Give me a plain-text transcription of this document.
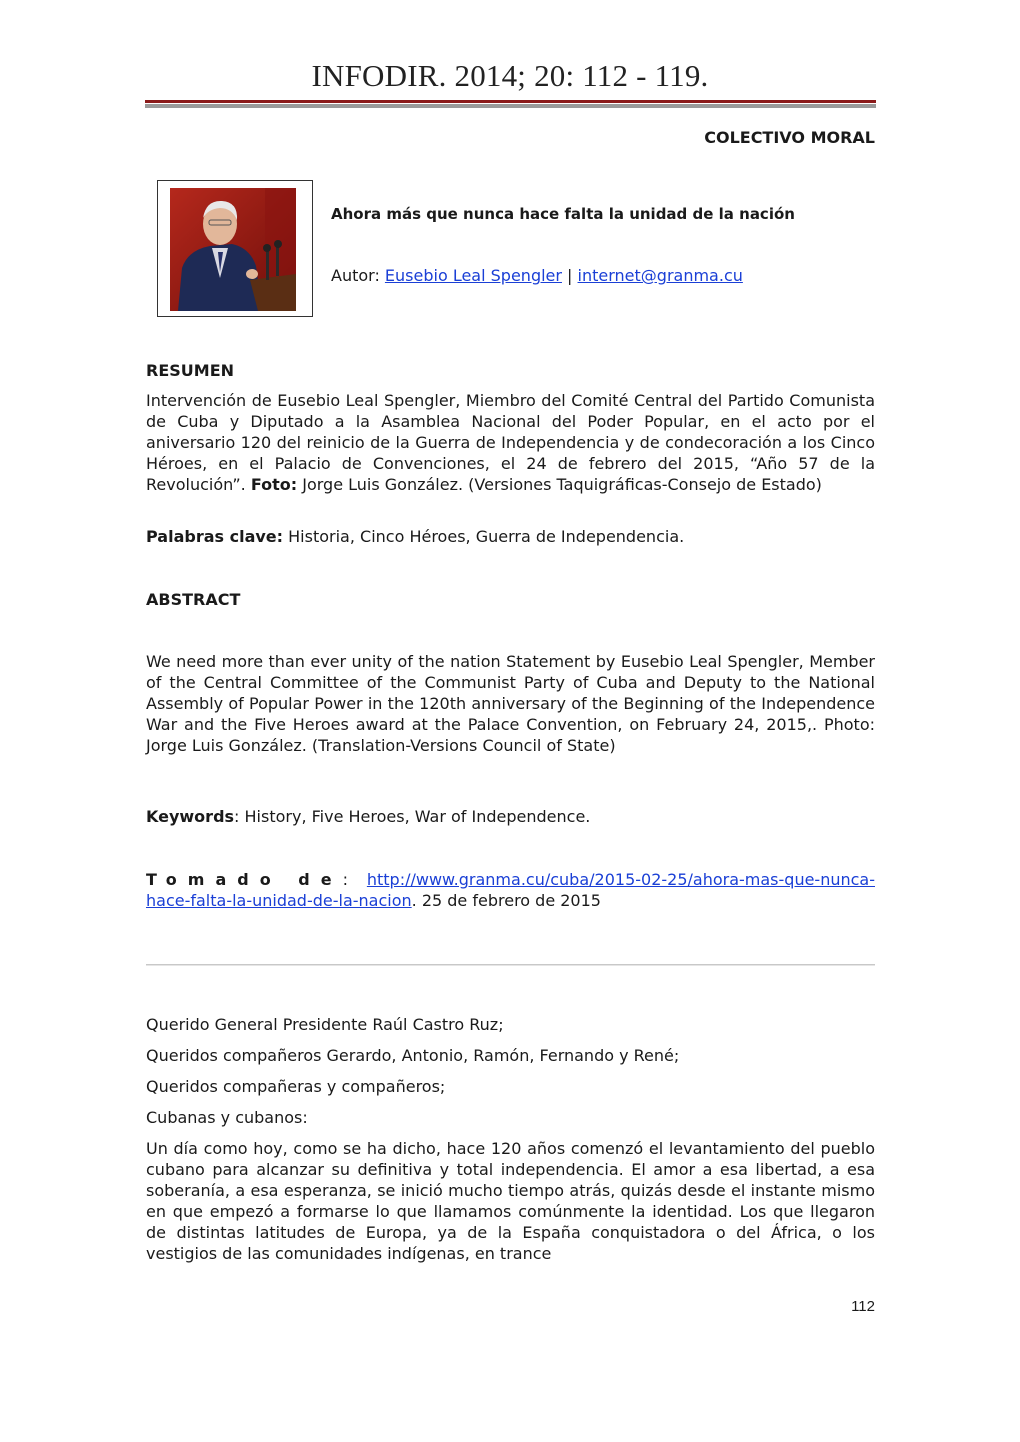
INFODIR. 2014; 20: 112 - 119.
COLECTIVO MORAL
Ahora más que nunca hace falta la unidad de la nación
Autor: Eusebio Leal Spengler | internet@granma.cu
RESUMEN
Intervención de Eusebio Leal Spengler, Miembro del Comité Central del Partido Comunista de Cuba y Diputado a la Asamblea Nacional del Poder Popular, en el acto por el aniversario 120 del reinicio de la Guerra de Independencia y de condecoración a los Cinco Héroes, en el Palacio de Convenciones, el 24 de febrero del 2015, “Año 57 de la Revolución”. Foto: Jorge Luis González. (Versiones Taquigráficas-Consejo de Estado)
Palabras clave: Historia, Cinco Héroes, Guerra de Independencia.
ABSTRACT
We need more than ever unity of the nation Statement by Eusebio Leal Spengler, Member of the Central Committee of the Communist Party of Cuba and Deputy to the National Assembly of Popular Power in the 120th anniversary of the Beginning of the Independence War and the Five Heroes award at the Palace Convention, on February 24, 2015,. Photo: Jorge Luis González. (Translation-Versions Council of State)
Keywords: History, Five Heroes, War of Independence.
Tomado de: http://www.granma.cu/cuba/2015-02-25/ahora-mas-que-nunca-
hace-falta-la-unidad-de-la-nacion. 25 de febrero de 2015
Querido General Presidente Raúl Castro Ruz;
Queridos compañeros Gerardo, Antonio, Ramón, Fernando y René;
Queridos compañeras y compañeros;
Cubanas y cubanos:
Un día como hoy, como se ha dicho, hace 120 años comenzó el levantamiento del pueblo cubano para alcanzar su definitiva y total independencia. El amor a esa libertad, a esa soberanía, a esa esperanza, se inició mucho tiempo atrás, quizás desde el instante mismo en que empezó a formarse lo que llamamos comúnmente la identidad. Los que llegaron de distintas latitudes de Europa, ya de la España conquistadora o del África, o los vestigios de las comunidades indígenas, en trance
112
